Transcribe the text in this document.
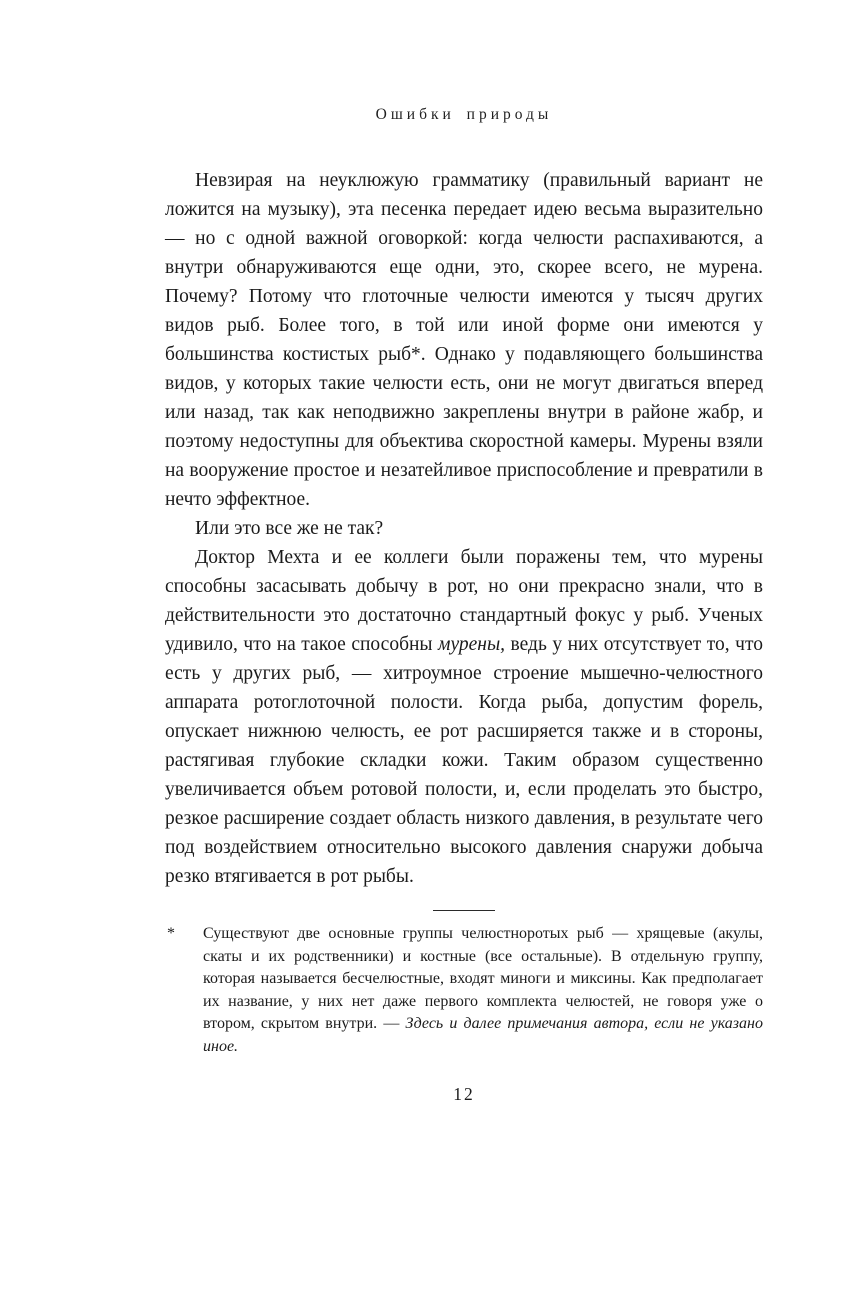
Ошибки природы

Невзирая на неуклюжую грамматику (правильный вариант не ложится на музыку), эта песенка передает идею весьма выразительно — но с одной важной оговоркой: когда челюсти распахиваются, а внутри обнаруживаются еще одни, это, скорее всего, не мурена. Почему? Потому что глоточные челюсти имеются у тысяч других видов рыб. Более того, в той или иной форме они имеются у большинства костистых рыб*. Однако у подавляющего большинства видов, у которых такие челюсти есть, они не могут двигаться вперед или назад, так как неподвижно закреплены внутри в районе жабр, и поэтому недоступны для объектива скоростной камеры. Мурены взяли на вооружение простое и незатейливое приспособление и превратили в нечто эффектное.

Или это все же не так?

Доктор Мехта и ее коллеги были поражены тем, что мурены способны засасывать добычу в рот, но они прекрасно знали, что в действительности это достаточно стандартный фокус у рыб. Ученых удивило, что на такое способны мурены, ведь у них отсутствует то, что есть у других рыб, — хитроумное строение мышечно-челюстного аппарата ротоглоточной полости. Когда рыба, допустим форель, опускает нижнюю челюсть, ее рот расширяется также и в стороны, растягивая глубокие складки кожи. Таким образом существенно увеличивается объем ротовой полости, и, если проделать это быстро, резкое расширение создает область низкого давления, в результате чего под воздействием относительно высокого давления снаружи добыча резко втягивается в рот рыбы.

*	Существуют две основные группы челюстноротых рыб — хрящевые (акулы, скаты и их родственники) и костные (все остальные). В отдельную группу, которая называется бесчелюстные, входят миноги и миксины. Как предполагает их название, у них нет даже первого комплекта челюстей, не говоря уже о втором, скрытом внутри. — Здесь и далее примечания автора, если не указано иное.
12
